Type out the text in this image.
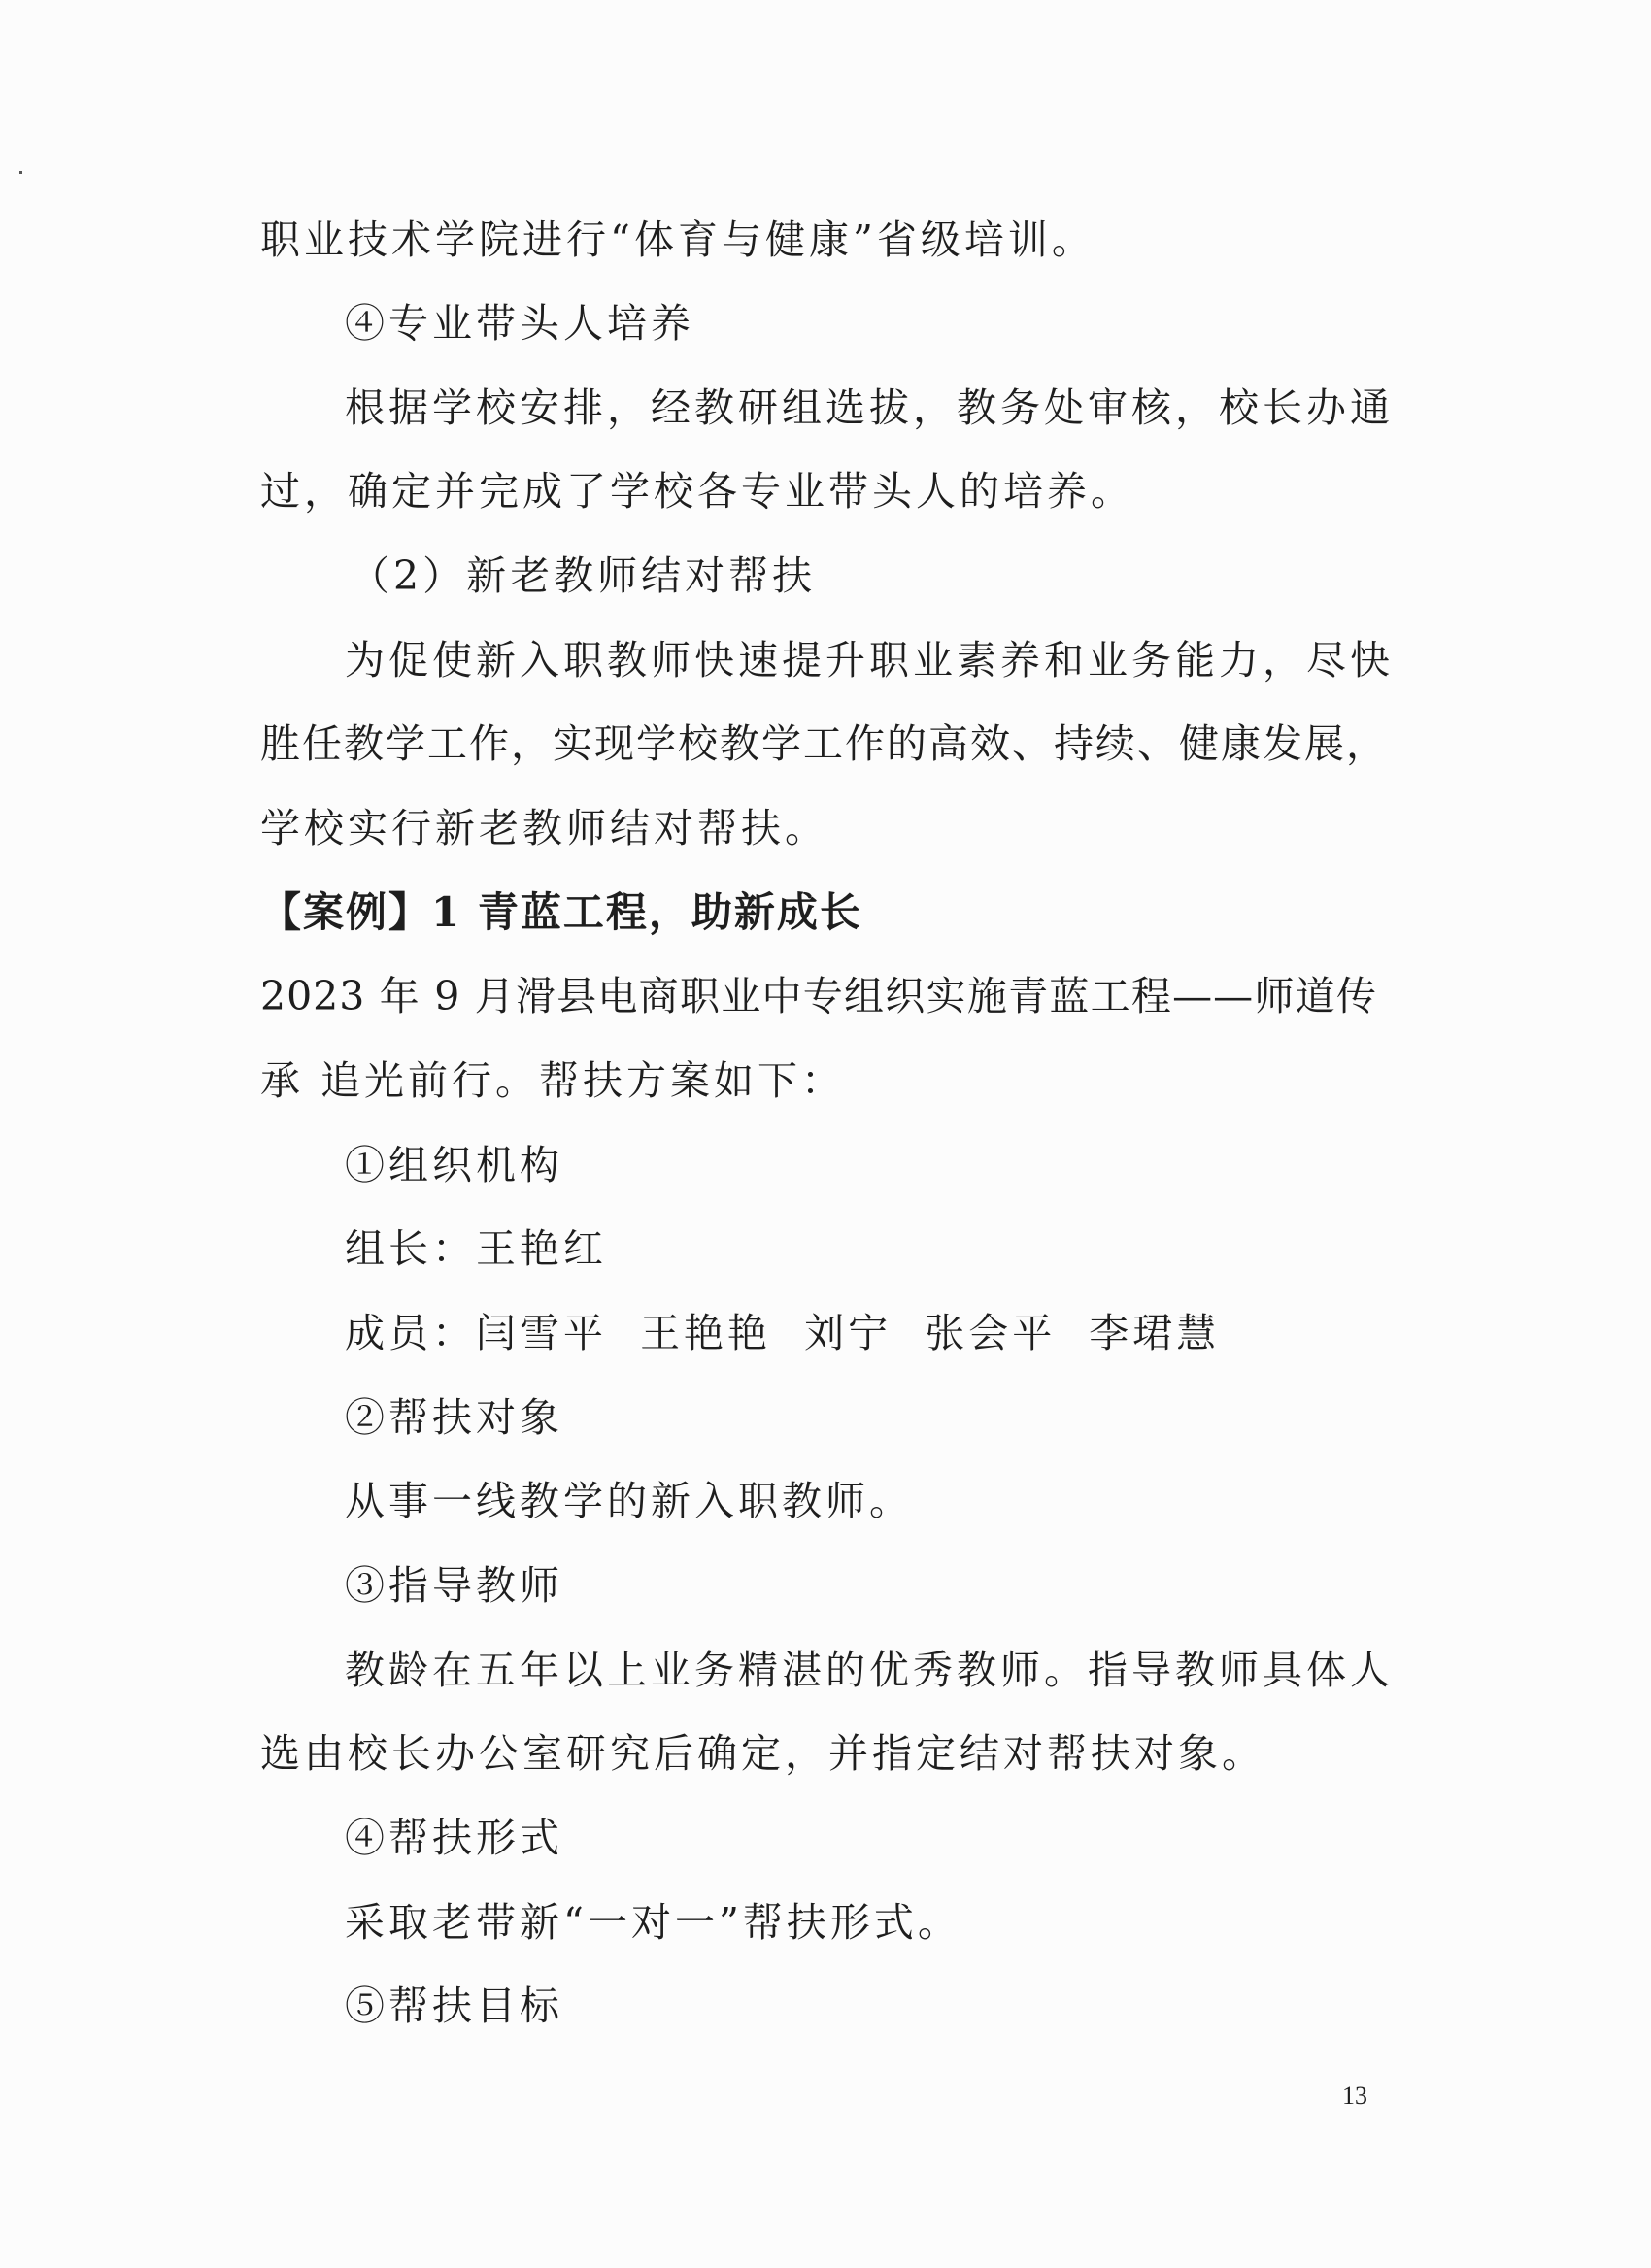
职业技术学院进行“体育与健康”省级培训。
④专业带头人培养
根据学校安排，经教研组选拔，教务处审核，校长办通
过，确定并完成了学校各专业带头人的培养。
（2）新老教师结对帮扶
为促使新入职教师快速提升职业素养和业务能力，尽快
胜任教学工作，实现学校教学工作的高效、持续、健康发展，
学校实行新老教师结对帮扶。
【案例】1 青蓝工程，助新成长
2023 年 9 月滑县电商职业中专组织实施青蓝工程——师道传
承 追光前行。帮扶方案如下：
①组织机构
组长：王艳红
成员：闫雪平  王艳艳  刘宁  张会平  李珺慧
②帮扶对象
从事一线教学的新入职教师。
③指导教师
教龄在五年以上业务精湛的优秀教师。指导教师具体人
选由校长办公室研究后确定，并指定结对帮扶对象。
④帮扶形式
采取老带新“一对一”帮扶形式。
⑤帮扶目标
13
